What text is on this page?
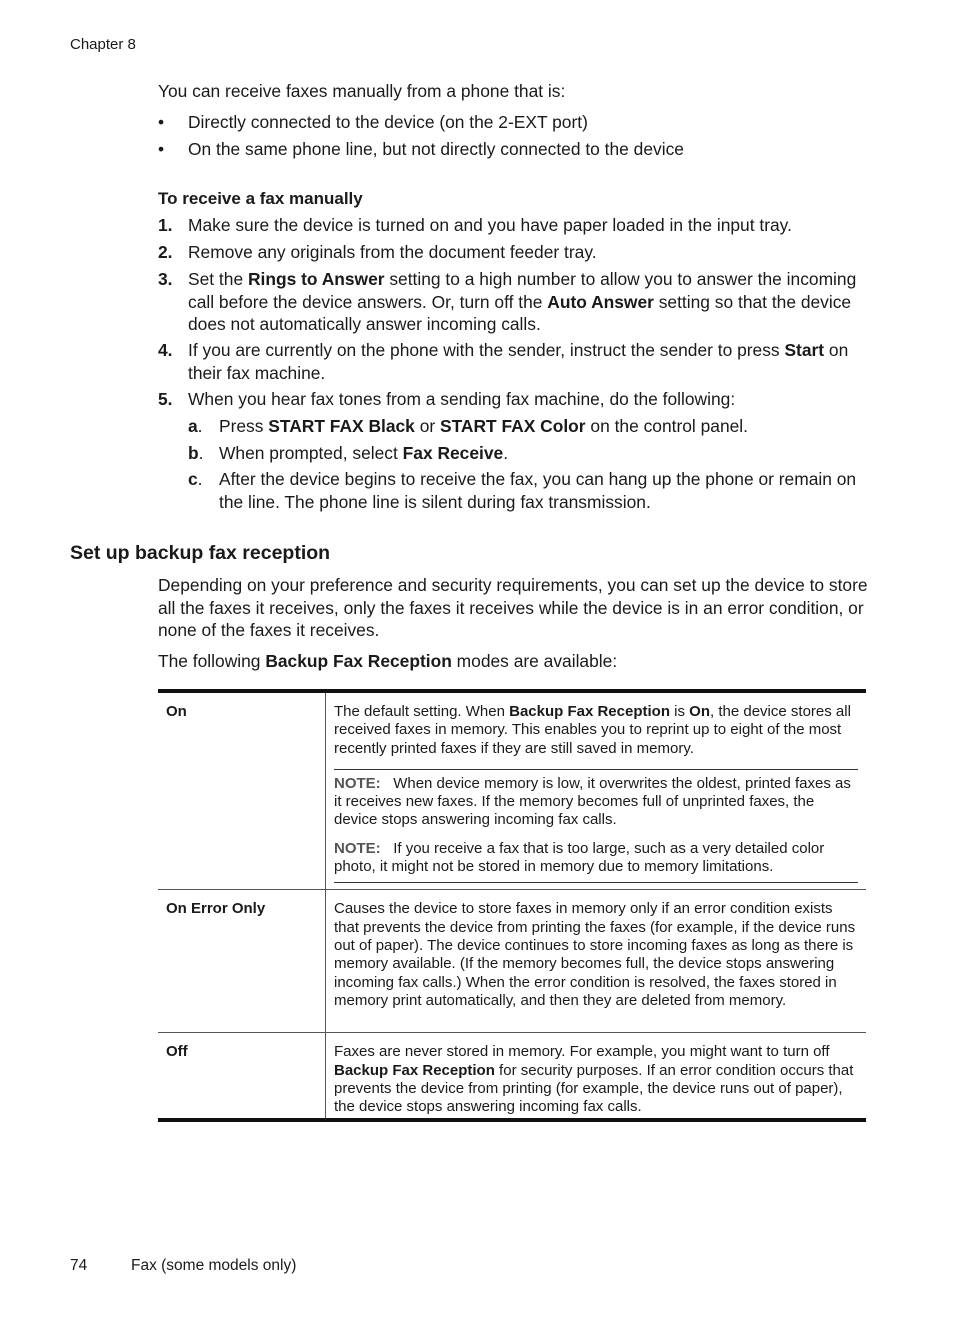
Chapter 8
You can receive faxes manually from a phone that is:
• Directly connected to the device (on the 2-EXT port)
• On the same phone line, but not directly connected to the device
To receive a fax manually
1. Make sure the device is turned on and you have paper loaded in the input tray.
2. Remove any originals from the document feeder tray.
3. Set the Rings to Answer setting to a high number to allow you to answer the incoming call before the device answers. Or, turn off the Auto Answer setting so that the device does not automatically answer incoming calls.
4. If you are currently on the phone with the sender, instruct the sender to press Start on their fax machine.
5. When you hear fax tones from a sending fax machine, do the following:
a. Press START FAX Black or START FAX Color on the control panel.
b. When prompted, select Fax Receive.
c. After the device begins to receive the fax, you can hang up the phone or remain on the line. The phone line is silent during fax transmission.
Set up backup fax reception
Depending on your preference and security requirements, you can set up the device to store all the faxes it receives, only the faxes it receives while the device is in an error condition, or none of the faxes it receives.
The following Backup Fax Reception modes are available:
On	The default setting. When Backup Fax Reception is On, the device stores all received faxes in memory. This enables you to reprint up to eight of the most recently printed faxes if they are still saved in memory.
NOTE: When device memory is low, it overwrites the oldest, printed faxes as it receives new faxes. If the memory becomes full of unprinted faxes, the device stops answering incoming fax calls.
NOTE: If you receive a fax that is too large, such as a very detailed color photo, it might not be stored in memory due to memory limitations.

On Error Only	Causes the device to store faxes in memory only if an error condition exists that prevents the device from printing the faxes (for example, if the device runs out of paper). The device continues to store incoming faxes as long as there is memory available. (If the memory becomes full, the device stops answering incoming fax calls.) When the error condition is resolved, the faxes stored in memory print automatically, and then they are deleted from memory.
Off	Faxes are never stored in memory. For example, you might want to turn off Backup Fax Reception for security purposes. If an error condition occurs that prevents the device from printing (for example, the device runs out of paper), the device stops answering incoming fax calls.
74	Fax (some models only)
